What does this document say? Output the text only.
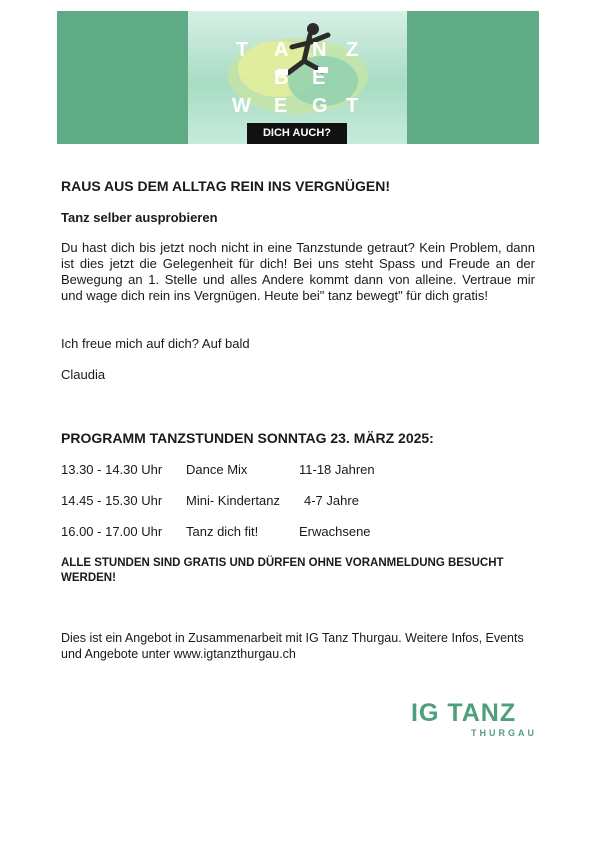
T A N Z
B E
W E G T
DICH AUCH?
RAUS AUS DEM ALLTAG REIN INS VERGNÜGEN!
Tanz selber ausprobieren

Du hast dich bis jetzt noch nicht in eine Tanzstunde getraut? Kein Problem, dann ist dies jetzt die Gelegenheit für dich! Bei uns steht Spass und Freude an der Bewegung an 1. Stelle und alles Andere kommt dann von alleine. Vertraue mir und wage dich rein ins Vergnügen. Heute bei" tanz bewegt" für dich gratis!

Ich freue mich auf dich? Auf bald
Claudia
PROGRAMM TANZSTUNDEN SONNTAG 23. MÄRZ 2025:
13.30 - 14.30 Uhr Dance Mix	11-18 Jahren
14.45 - 15.30 Uhr Mini- Kindertanz 4-7 Jahre
16.00 - 17.00 Uhr Tanz dich fit!	Erwachsene

ALLE STUNDEN SIND GRATIS UND DÜRFEN OHNE VORANMELDUNG BESUCHT WERDEN!

Dies ist ein Angebot in Zusammenarbeit mit IG Tanz Thurgau. Weitere Infos, Events und Angebote unter www.igtanzthurgau.ch

IG TANZ
THURGAU
